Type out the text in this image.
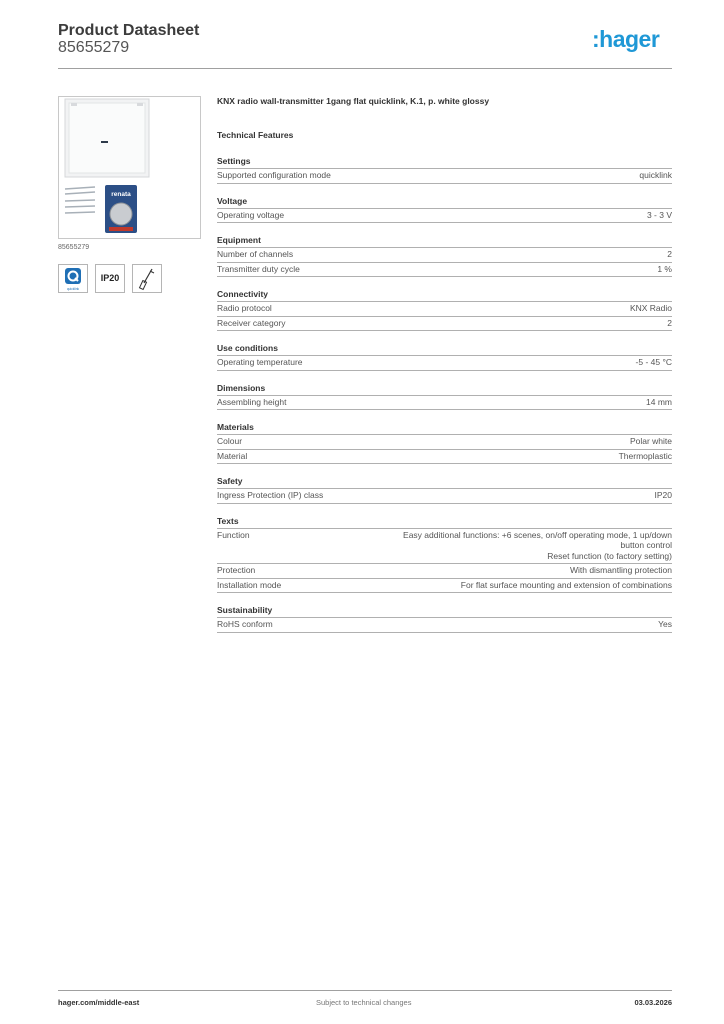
Product Datasheet
85655279	:hager
renata
85655279
quicklink
IP20
KNX radio wall-transmitter 1gang flat quicklink, K.1, p. white glossy
Technical Features
Settings
Supported configuration mode	quicklink
Voltage
Operating voltage	3 - 3 V
Equipment
Number of channels	2
Transmitter duty cycle	1 %
Connectivity
Radio protocol	KNX Radio
Receiver category	2
Use conditions
Operating temperature	-5 - 45 °C
Dimensions
Assembling height	14 mm
Materials
Colour	Polar white
Material	Thermoplastic
Safety
Ingress Protection (IP) class	IP20
Texts
Function	Easy additional functions: +6 scenes, on/off operating mode, 1 up/down
button control
Reset function (to factory setting)
Protection	With dismantling protection
Installation mode	For flat surface mounting and extension of combinations
Sustainability
RoHS conform	Yes
hager.com/middle-east	Subject to technical changes	03.03.2026
